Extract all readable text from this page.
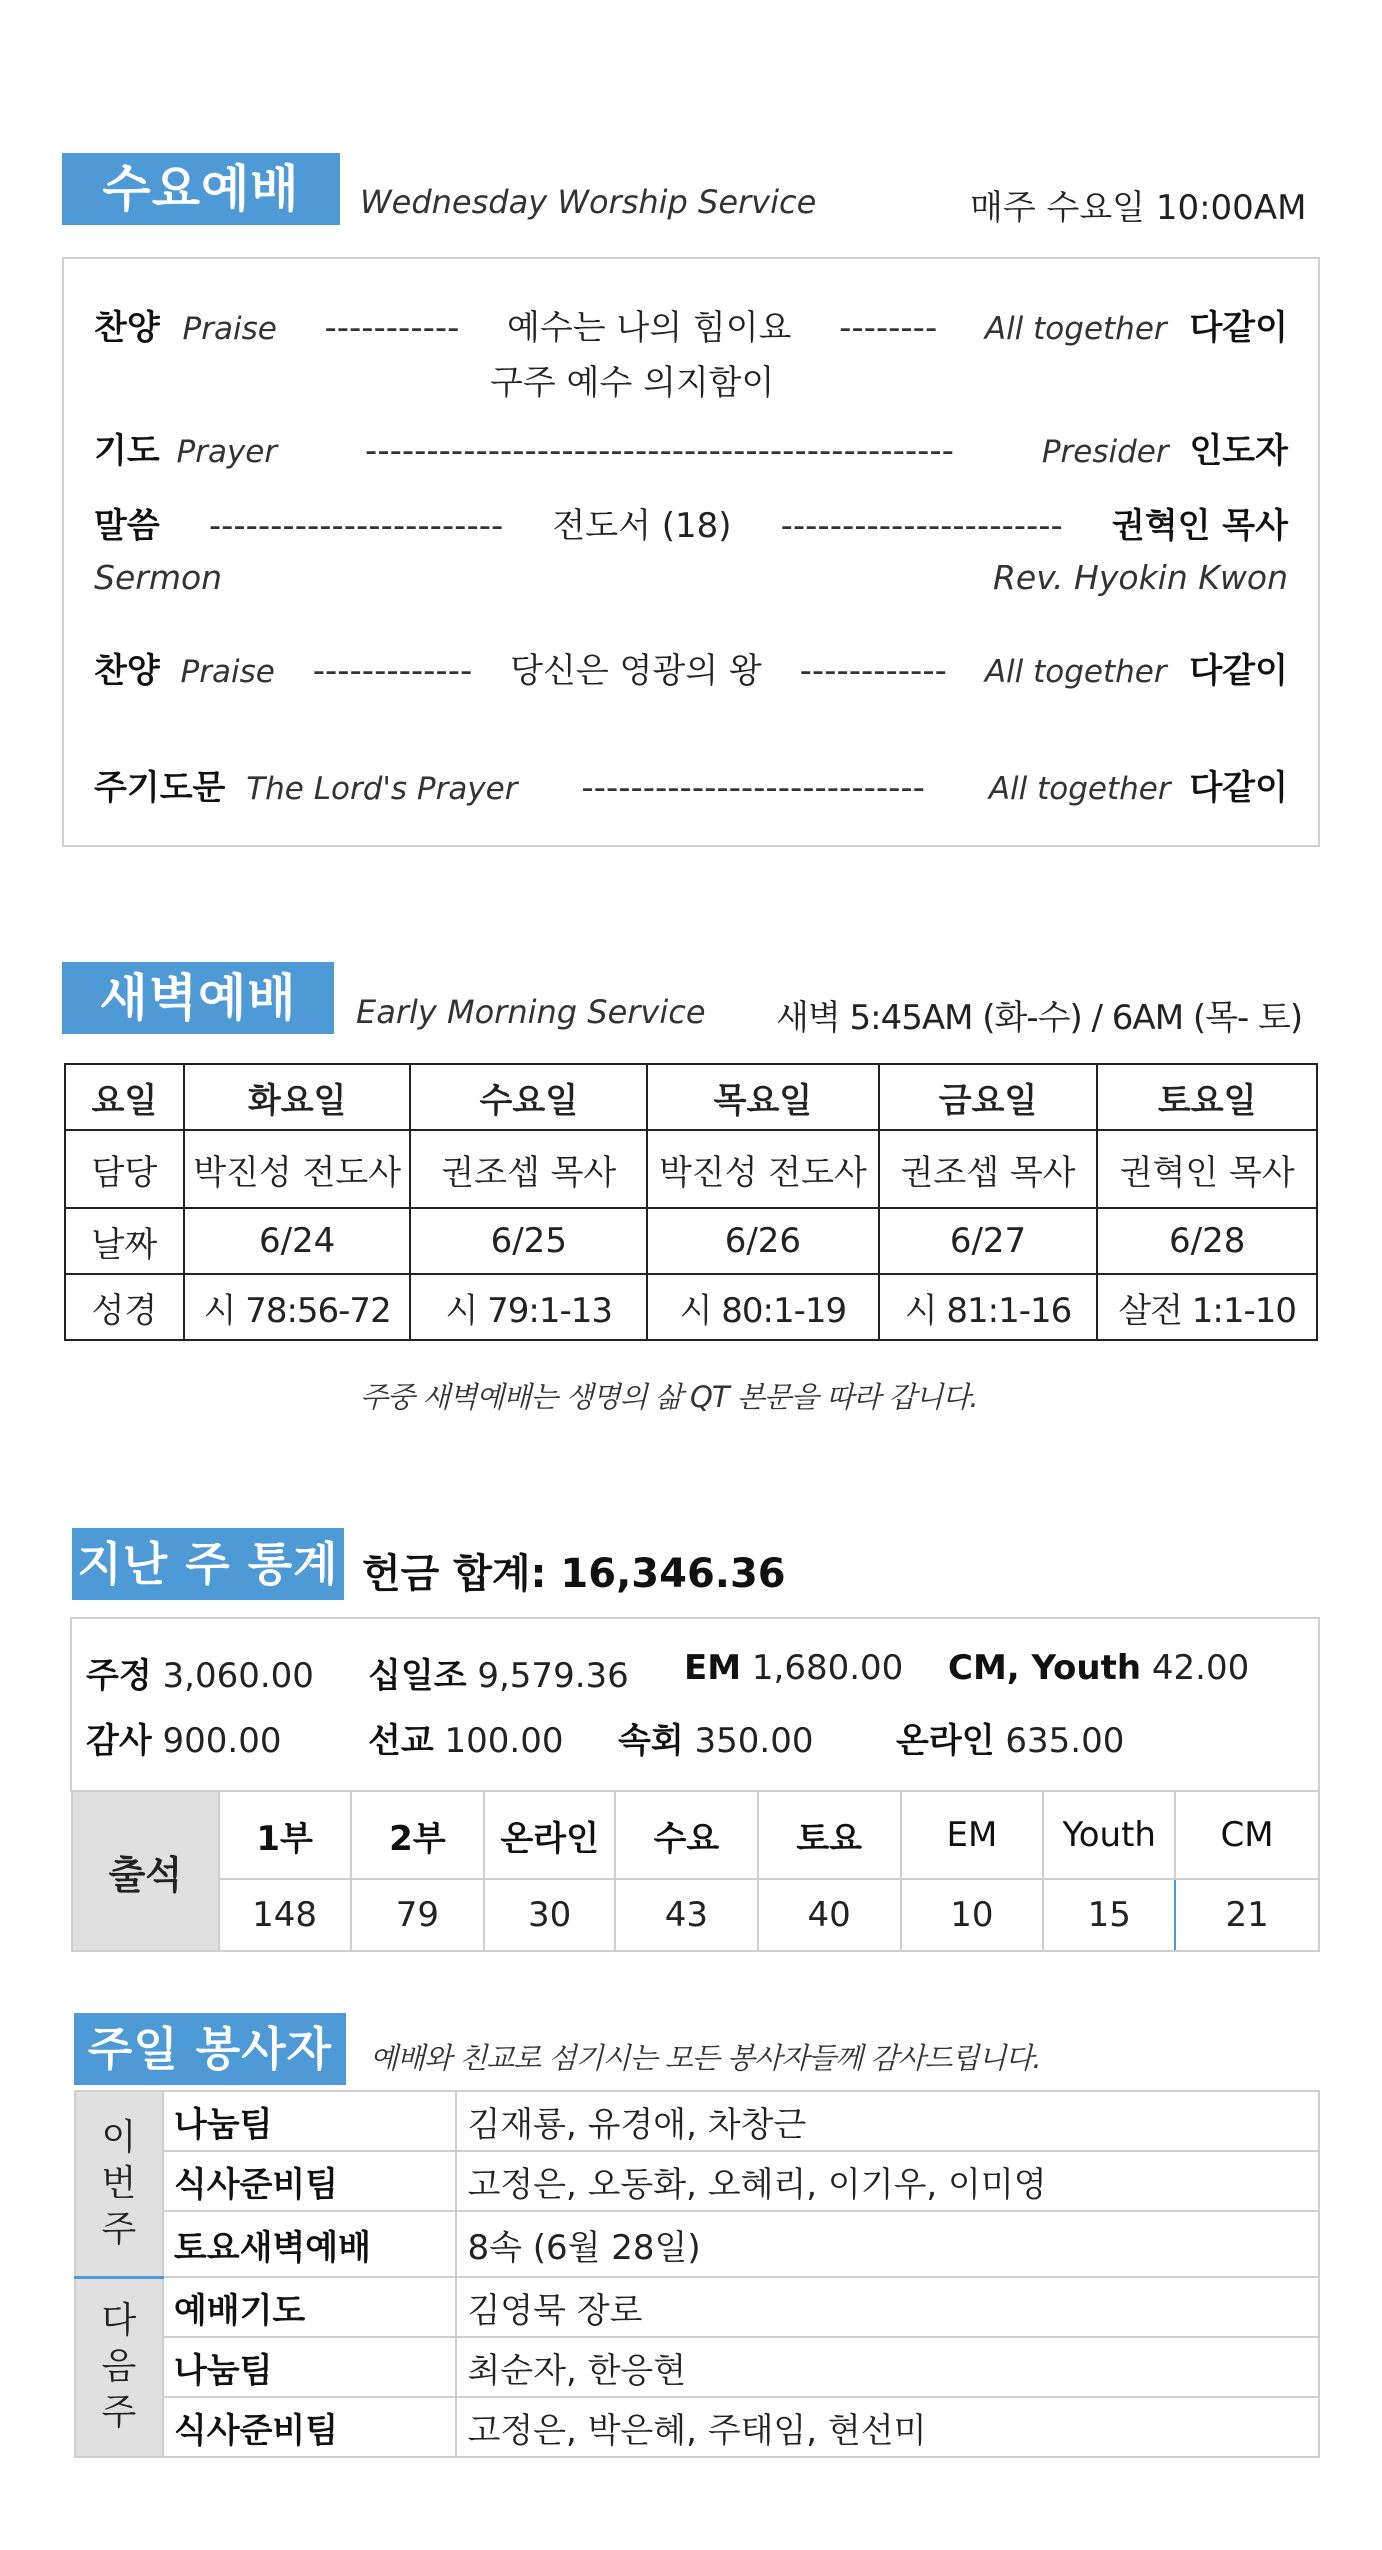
수요예배	Wednesday Worship Service	매주 수요일 10:00AM
찬양 Praise ----------- 예수는 나의 힘이요 -------- All together 다같이
구주 예수 의지함이
기도 Prayer	------------------------------------------------	Presider 인도자
말씀 ------------------------ 전도서 (18) ----------------------- 권혁인 목사
Sermon	Rev. Hyokin Kwon
찬양 Praise ------------- 당신은 영광의 왕 ------------ All together 다같이
주기도문 The Lord's Prayer ---------------------------- All together 다같이
새벽예배	Early Morning Service 새벽 5:45AM (화-수) / 6AM (목- 토)
요일	화요일	수요일	목요일	금요일	토요일
담당	박진성 전도사	권조셉 목사	박진성 전도사	권조셉 목사	권혁인 목사
날짜	6/24	6/25	6/26	6/27	6/28
성경	시 78:56-72	시 79:1-13	시 80:1-19	시 81:1-16	살전 1:1-10
주중 새벽예배는 생명의 삶 QT 본문을 따라 갑니다.
지난 주 통계 헌금 합계: 16,346.36
주정 3,060.00 십일조 9,579.36 EM 1,680.00 CM, Youth 42.00
감사 900.00	선교 100.00 속회 350.00 온라인 635.00
출석	1부	2부	온라인	수요	토요	EM	Youth	CM
	148	79	30	43	40	10	15	21
주일 봉사자	예배와 친교로 섬기시는 모든 봉사자들께 감사드립니다.
이
번
주	나눔팀	김재룡, 유경애, 차창근
	식사준비팀	고정은, 오동화, 오혜리, 이기우, 이미영
	토요새벽예배	8속 (6월 28일)

다
음
주	예배기도	김영묵 장로
	나눔팀	최순자, 한응현
	식사준비팀	고정은, 박은혜, 주태임, 현선미
